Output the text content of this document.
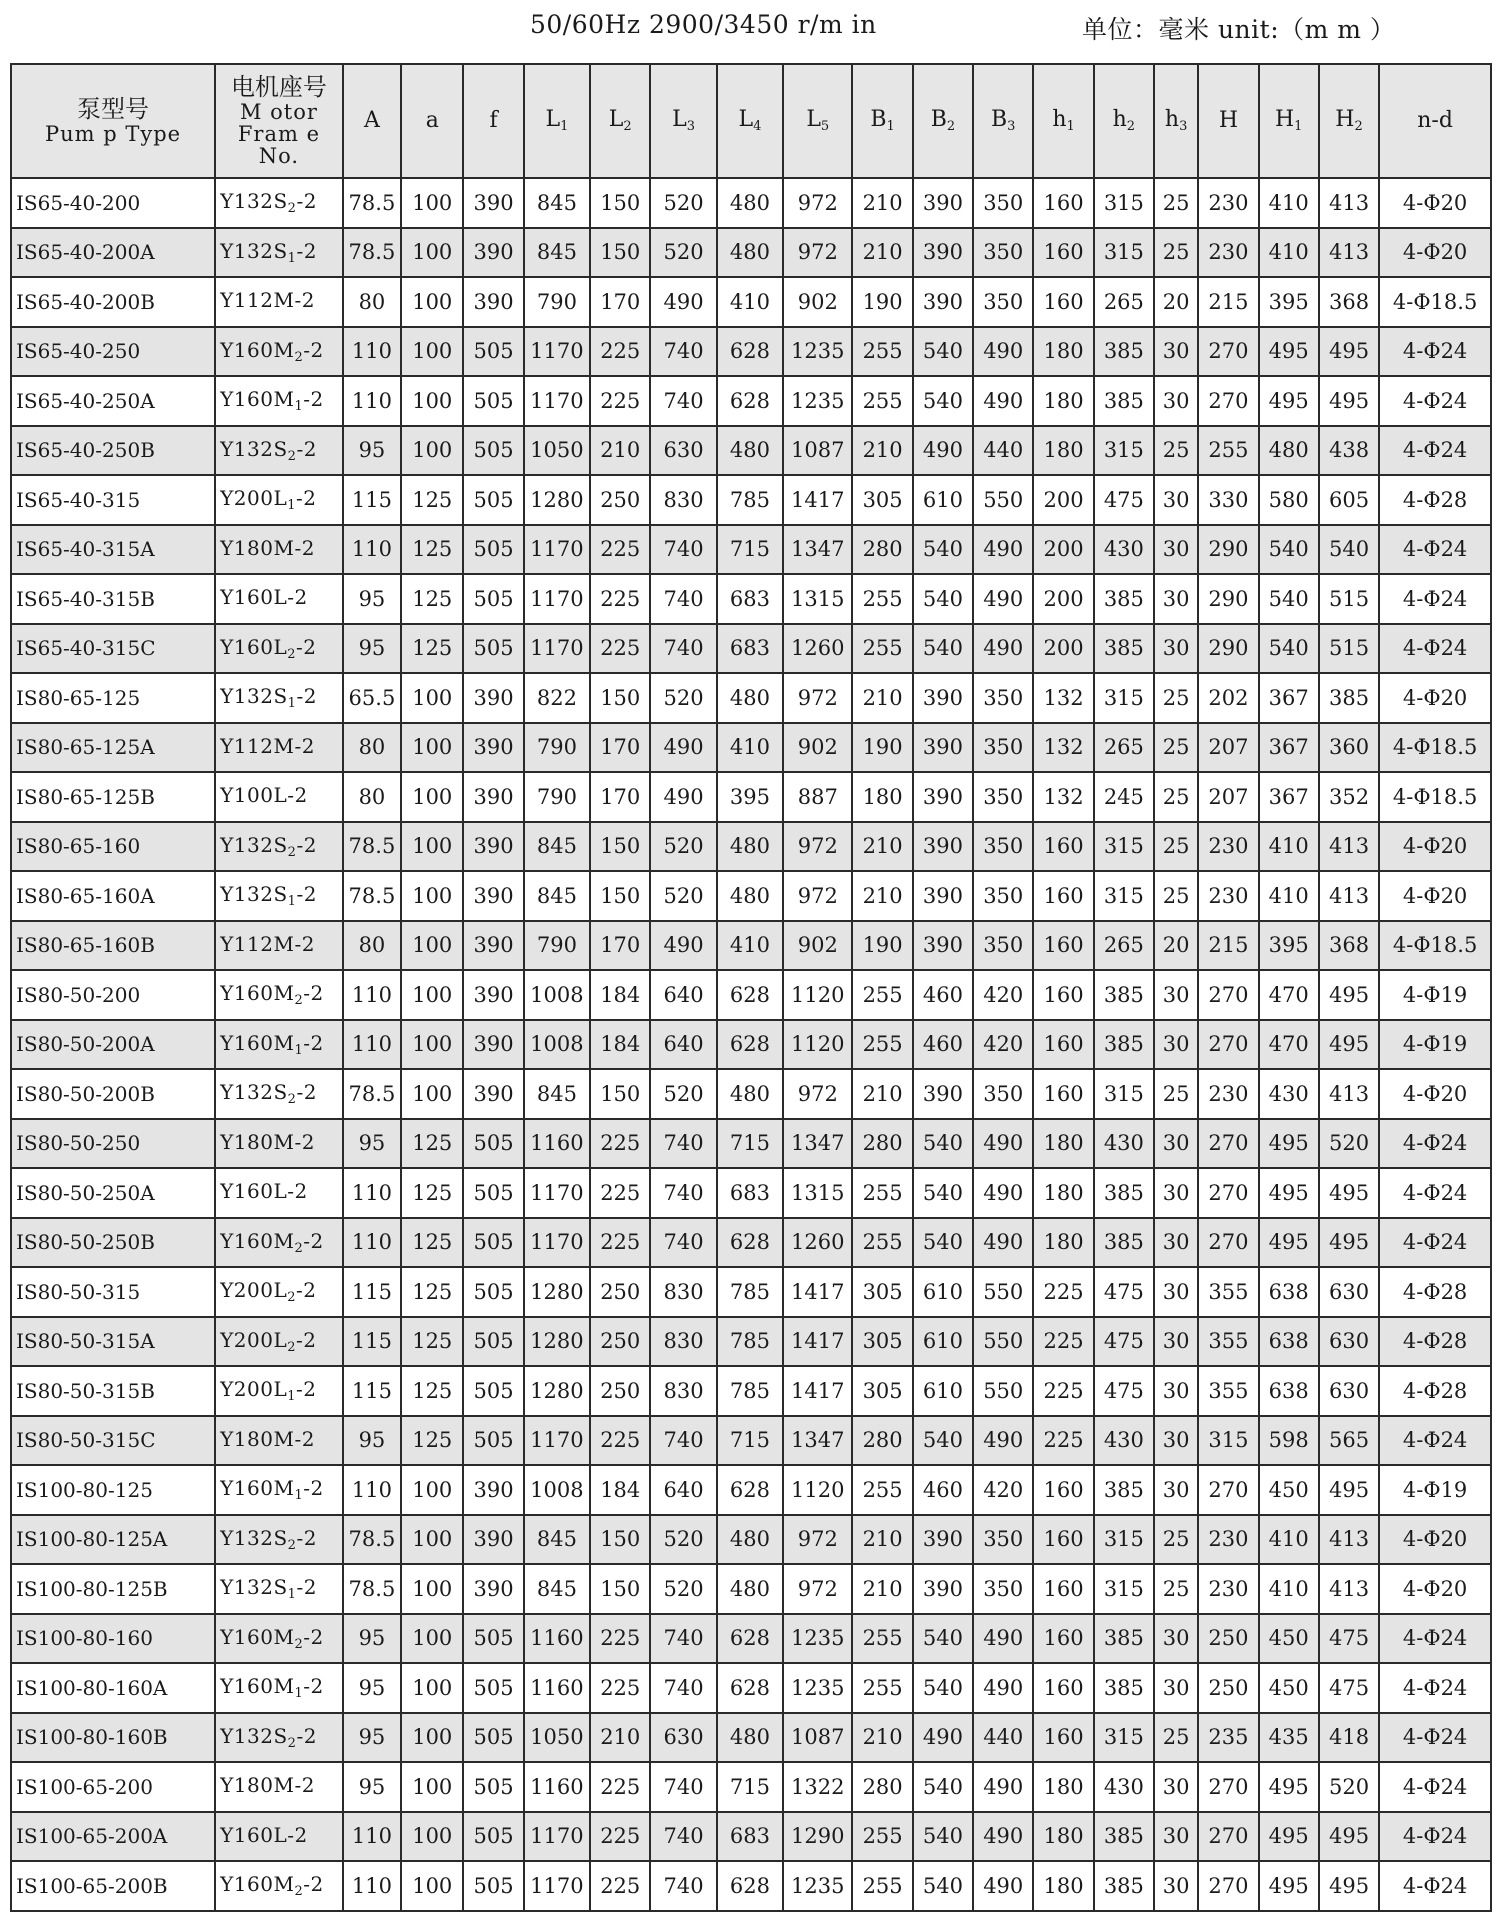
50/60Hz 2900/3450 r/m in	单位：毫米 unit:（m m ）
泵型号
Pum p Type	电机座号
M otor
Fram e
No.	A	a	f	$L_1$	$L_2$	$L_3$	$L_4$	$L_5$	$B_1$	$B_2$	$B_3$	$h_1$	$h_2$	$h_3$	H	$H_1$	$H_2$	n-d
IS65-40-200	$Y132S_2-2$	78.5	100	390	845	150	520	480	972	210	390	350	160	315	25	230	410	413	4-Φ20
IS65-40-200A	$Y132S_1-2$	78.5	100	390	845	150	520	480	972	210	390	350	160	315	25	230	410	413	4-Φ20
IS65-40-200B	Y112M-2	80	100	390	790	170	490	410	902	190	390	350	160	265	20	215	395	368	4-Φ18.5
IS65-40-250	$Y160M_2-2$	110	100	505	1170	225	740	628	1235	255	540	490	180	385	30	270	495	495	4-Φ24
IS65-40-250A	$Y160M_1-2$	110	100	505	1170	225	740	628	1235	255	540	490	180	385	30	270	495	495	4-Φ24
IS65-40-250B	$Y132S_2-2$	95	100	505	1050	210	630	480	1087	210	490	440	180	315	25	255	480	438	4-Φ24
IS65-40-315	$Y200L_1-2$	115	125	505	1280	250	830	785	1417	305	610	550	200	475	30	330	580	605	4-Φ28
IS65-40-315A	Y180M-2	110	125	505	1170	225	740	715	1347	280	540	490	200	430	30	290	540	540	4-Φ24
IS65-40-315B	Y160L-2	95	125	505	1170	225	740	683	1315	255	540	490	200	385	30	290	540	515	4-Φ24
IS65-40-315C	$Y160L_2-2$	95	125	505	1170	225	740	683	1260	255	540	490	200	385	30	290	540	515	4-Φ24
IS80-65-125	$Y132S_1-2$	65.5	100	390	822	150	520	480	972	210	390	350	132	315	25	202	367	385	4-Φ20
IS80-65-125A	Y112M-2	80	100	390	790	170	490	410	902	190	390	350	132	265	25	207	367	360	4-Φ18.5
IS80-65-125B	Y100L-2	80	100	390	790	170	490	395	887	180	390	350	132	245	25	207	367	352	4-Φ18.5
IS80-65-160	$Y132S_2-2$	78.5	100	390	845	150	520	480	972	210	390	350	160	315	25	230	410	413	4-Φ20
IS80-65-160A	$Y132S_1-2$	78.5	100	390	845	150	520	480	972	210	390	350	160	315	25	230	410	413	4-Φ20
IS80-65-160B	Y112M-2	80	100	390	790	170	490	410	902	190	390	350	160	265	20	215	395	368	4-Φ18.5
IS80-50-200	$Y160M_2-2$	110	100	390	1008	184	640	628	1120	255	460	420	160	385	30	270	470	495	4-Φ19
IS80-50-200A	$Y160M_1-2$	110	100	390	1008	184	640	628	1120	255	460	420	160	385	30	270	470	495	4-Φ19
IS80-50-200B	$Y132S_2-2$	78.5	100	390	845	150	520	480	972	210	390	350	160	315	25	230	430	413	4-Φ20
IS80-50-250	Y180M-2	95	125	505	1160	225	740	715	1347	280	540	490	180	430	30	270	495	520	4-Φ24
IS80-50-250A	Y160L-2	110	125	505	1170	225	740	683	1315	255	540	490	180	385	30	270	495	495	4-Φ24
IS80-50-250B	$Y160M_2-2$	110	125	505	1170	225	740	628	1260	255	540	490	180	385	30	270	495	495	4-Φ24
IS80-50-315	$Y200L_2-2$	115	125	505	1280	250	830	785	1417	305	610	550	225	475	30	355	638	630	4-Φ28
IS80-50-315A	$Y200L_2-2$	115	125	505	1280	250	830	785	1417	305	610	550	225	475	30	355	638	630	4-Φ28
IS80-50-315B	$Y200L_1-2$	115	125	505	1280	250	830	785	1417	305	610	550	225	475	30	355	638	630	4-Φ28
IS80-50-315C	Y180M-2	95	125	505	1170	225	740	715	1347	280	540	490	225	430	30	315	598	565	4-Φ24
IS100-80-125	$Y160M_1-2$	110	100	390	1008	184	640	628	1120	255	460	420	160	385	30	270	450	495	4-Φ19
IS100-80-125A	$Y132S_2-2$	78.5	100	390	845	150	520	480	972	210	390	350	160	315	25	230	410	413	4-Φ20
IS100-80-125B	$Y132S_1-2$	78.5	100	390	845	150	520	480	972	210	390	350	160	315	25	230	410	413	4-Φ20
IS100-80-160	$Y160M_2-2$	95	100	505	1160	225	740	628	1235	255	540	490	160	385	30	250	450	475	4-Φ24
IS100-80-160A	$Y160M_1-2$	95	100	505	1160	225	740	628	1235	255	540	490	160	385	30	250	450	475	4-Φ24
IS100-80-160B	$Y132S_2-2$	95	100	505	1050	210	630	480	1087	210	490	440	160	315	25	235	435	418	4-Φ24
IS100-65-200	Y180M-2	95	100	505	1160	225	740	715	1322	280	540	490	180	430	30	270	495	520	4-Φ24
IS100-65-200A	Y160L-2	110	100	505	1170	225	740	683	1290	255	540	490	180	385	30	270	495	495	4-Φ24
IS100-65-200B	$Y160M_2-2$	110	100	505	1170	225	740	628	1235	255	540	490	180	385	30	270	495	495	4-Φ24
